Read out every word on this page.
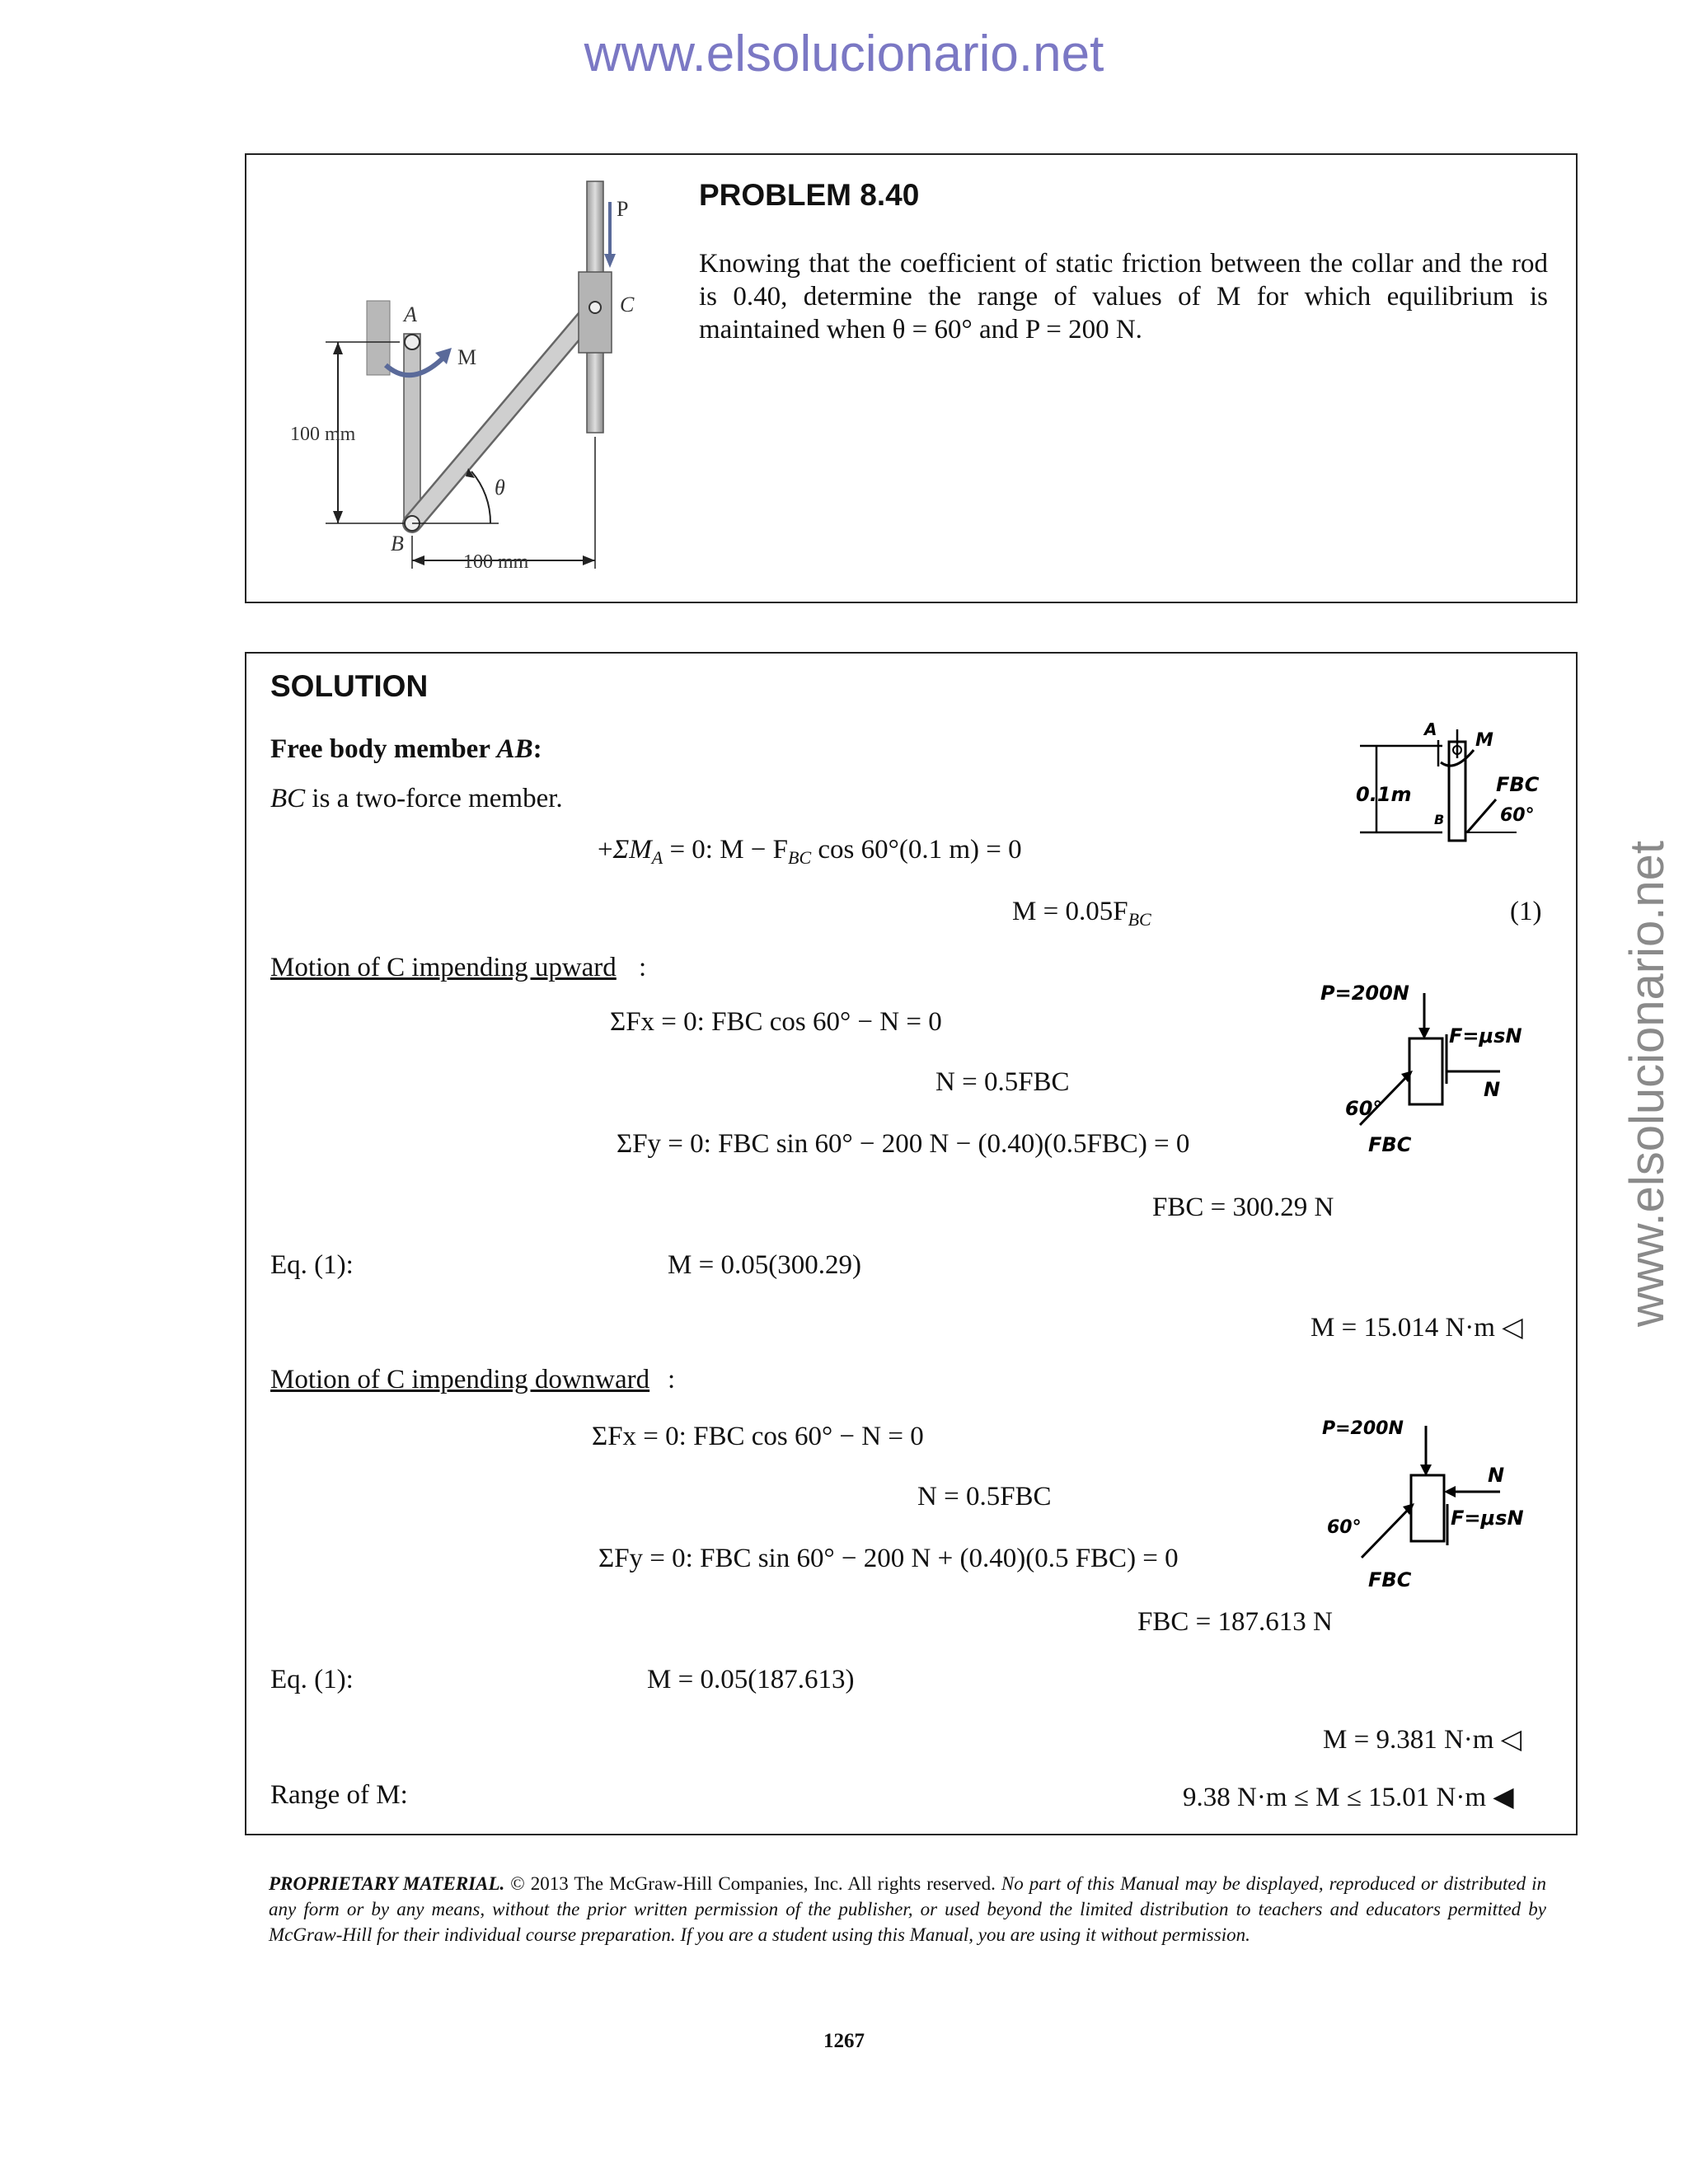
www.elsolucionario.net
www.elsolucionario.net
P
A	C
M
B
θ
100 mm
100 mm
PROBLEM 8.40
Knowing that the coefficient of static friction between the collar and the rod is 0.40, determine the range of values of M for which equilibrium is maintained when θ = 60° and P = 200 N.
SOLUTION
Free body member AB:
BC is a two-force member.
$+\Sigma M_A = 0$: $M - F_{BC}$ cos 60°(0.1 m) = 0
$M = 0.05F_{BC}$	(1)
Motion of C impending upward :
ΣFx = 0: FBC cos 60° − N = 0
N = 0.5FBC
ΣFy = 0: FBC sin 60° − 200 N − (0.40)(0.5FBC) = 0
FBC = 300.29 N
Eq. (1):	M = 0.05(300.29)
M = 15.014 N·m ◁
Motion of C impending downward :
ΣFx = 0: FBC cos 60° − N = 0
N = 0.5FBC
ΣFy = 0: FBC sin 60° − 200 N + (0.40)(0.5 FBC) = 0
FBC = 187.613 N
Eq. (1):	M = 0.05(187.613)
M = 9.381 N·m ◁
Range of M:	9.38 N·m ≤ M ≤ 15.01 N·m ◀
A
M
0.1m
B
FBC
60°
P=200N
F=μsN
60°
N
FBC
P=200N
N
60°	F=μsN
FBC
PROPRIETARY MATERIAL. © 2013 The McGraw-Hill Companies, Inc. All rights reserved. No part of this Manual may be displayed, reproduced or distributed in any form or by any means, without the prior written permission of the publisher, or used beyond the limited distribution to teachers and educators permitted by McGraw-Hill for their individual course preparation. If you are a student using this Manual, you are using it without permission.
1267
